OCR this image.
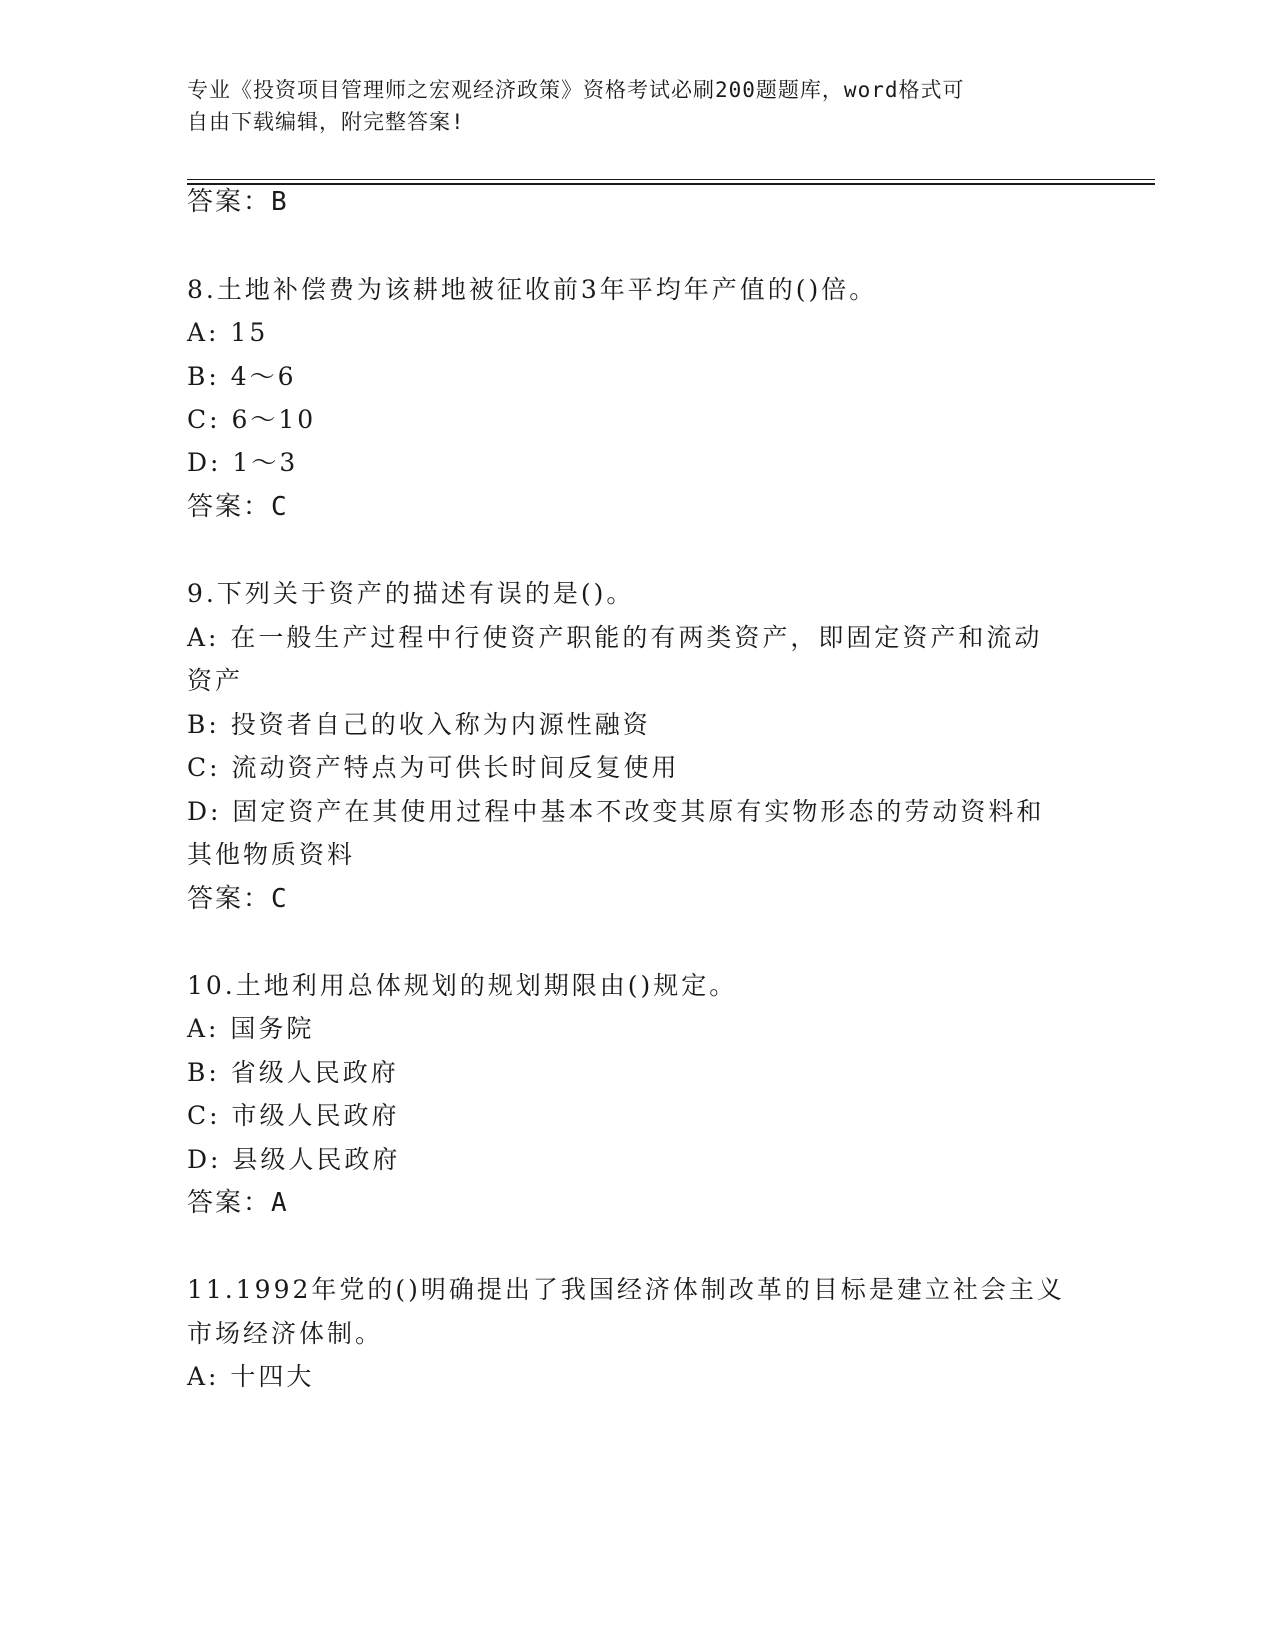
专业《投资项目管理师之宏观经济政策》资格考试必刷200题题库，word格式可
自由下载编辑，附完整答案!
答案：B
8.土地补偿费为该耕地被征收前3年平均年产值的()倍。
A: 15
B: 4～6
C: 6～10
D: 1～3
答案：C
9.下列关于资产的描述有误的是()。
A: 在一般生产过程中行使资产职能的有两类资产，即固定资产和流动
资产
B: 投资者自己的收入称为内源性融资
C: 流动资产特点为可供长时间反复使用
D: 固定资产在其使用过程中基本不改变其原有实物形态的劳动资料和
其他物质资料
答案：C
10.土地利用总体规划的规划期限由()规定。
A: 国务院
B: 省级人民政府
C: 市级人民政府
D: 县级人民政府
答案：A
11.1992年党的()明确提出了我国经济体制改革的目标是建立社会主义
市场经济体制。
A: 十四大
